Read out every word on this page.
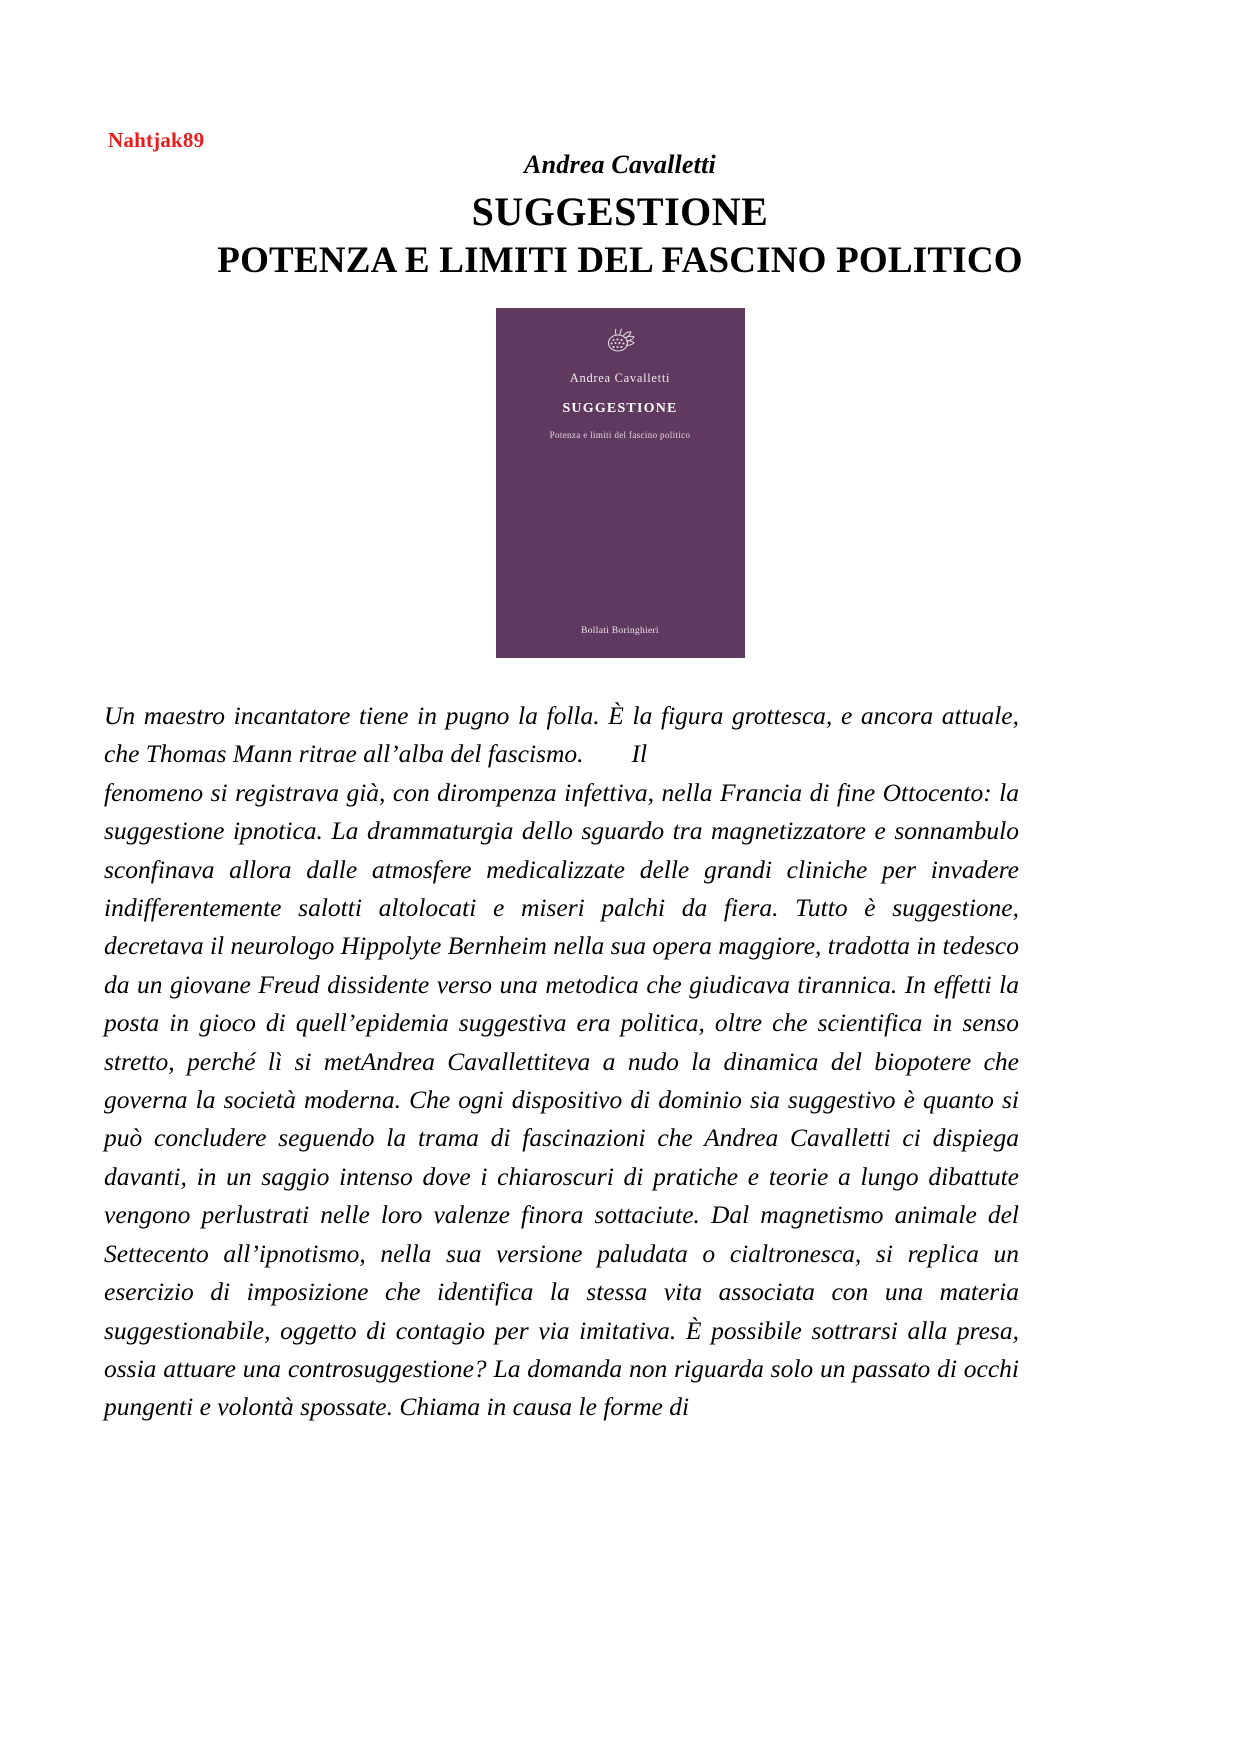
Nahtjak89
Andrea Cavalletti
SUGGESTIONE
POTENZA E LIMITI DEL FASCINO POLITICO
Andrea Cavalletti
SUGGESTIONE
Potenza e limiti del fascino politico
Bollati Boringhieri

Un maestro incantatore tiene in pugno la folla. È la figura grottesca, e ancora attuale, che Thomas Mann ritrae all’alba del fascismo. Il

fenomeno si registrava già, con dirompenza infettiva, nella Francia di fine Ottocento: la suggestione ipnotica. La drammaturgia dello sguardo tra magnetizzatore e sonnambulo sconfinava allora dalle atmosfere medicalizzate delle grandi cliniche per invadere indifferentemente salotti altolocati e miseri palchi da fiera. Tutto è suggestione, decretava il neurologo Hippolyte Bernheim nella sua opera maggiore, tradotta in tedesco da un giovane Freud dissidente verso una metodica che giudicava tirannica. In effetti la posta in gioco di quell’epidemia suggestiva era politica, oltre che scientifica in senso stretto, perché lì si metAndrea Cavallettiteva a nudo la dinamica del biopotere che governa la società moderna. Che ogni dispositivo di dominio sia suggestivo è quanto si può concludere seguendo la trama di fascinazioni che Andrea Cavalletti ci dispiega davanti, in un saggio intenso dove i chiaroscuri di pratiche e teorie a lungo dibattute vengono perlustrati nelle loro valenze finora sottaciute. Dal magnetismo animale del Settecento all’ipnotismo, nella sua versione paludata o cialtronesca, si replica un esercizio di imposizione che identifica la stessa vita associata con una materia suggestionabile, oggetto di contagio per via imitativa. È possibile sottrarsi alla presa, ossia attuare una controsuggestione? La domanda non riguarda solo un passato di occhi pungenti e volontà spossate. Chiama in causa le forme di
